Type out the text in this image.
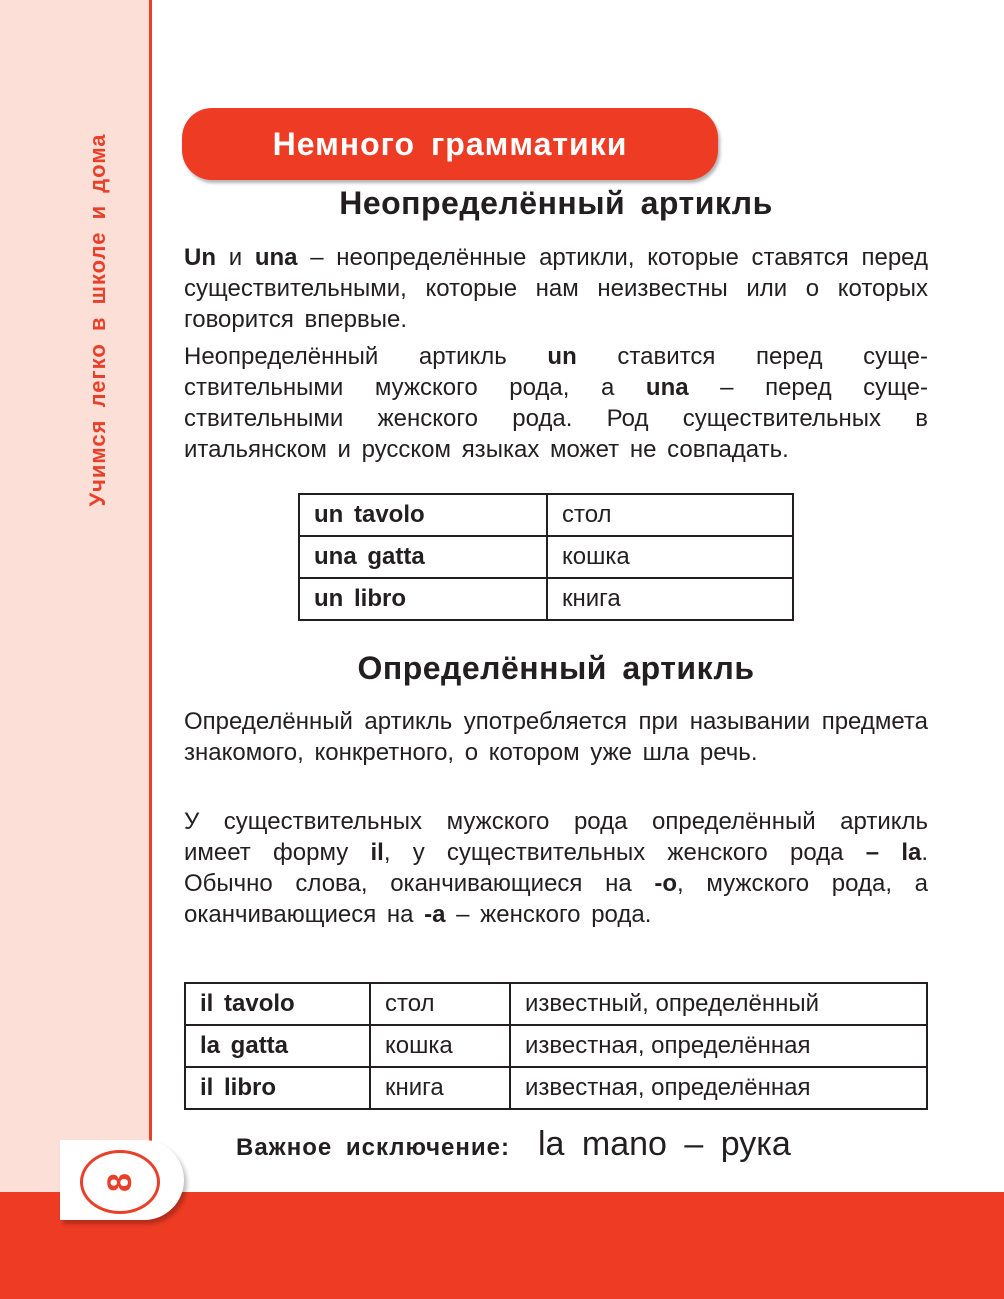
Учимся легко в школе и дома
8
Немного грамматики
Неопределённый артикль
Un и una – неопределённые артикли, которые ставятся перед существительными, которые нам неизвестны или о которых говорится впервые.
Неопределённый артикль un ставится перед существительными мужского рода, а una – перед существительными женского рода. Род существительных в итальянском и русском языках может не совпадать.
un tavolo	стол
una gatta	кошка
un libro	книга
Определённый артикль
Определённый артикль употребляется при назывании предмета знакомого, конкретного, о котором уже шла речь.
У существительных мужского рода определённый артикль имеет форму il, у существительных женского рода – la. Обычно слова, оканчивающиеся на -o, мужского рода, а оканчивающиеся на -a – женского рода.
il tavolo	стол	известный, определённый
la gatta	кошка	известная, определённая
il libro	книга	известная, определённая
Важное исключение: la mano – рука
